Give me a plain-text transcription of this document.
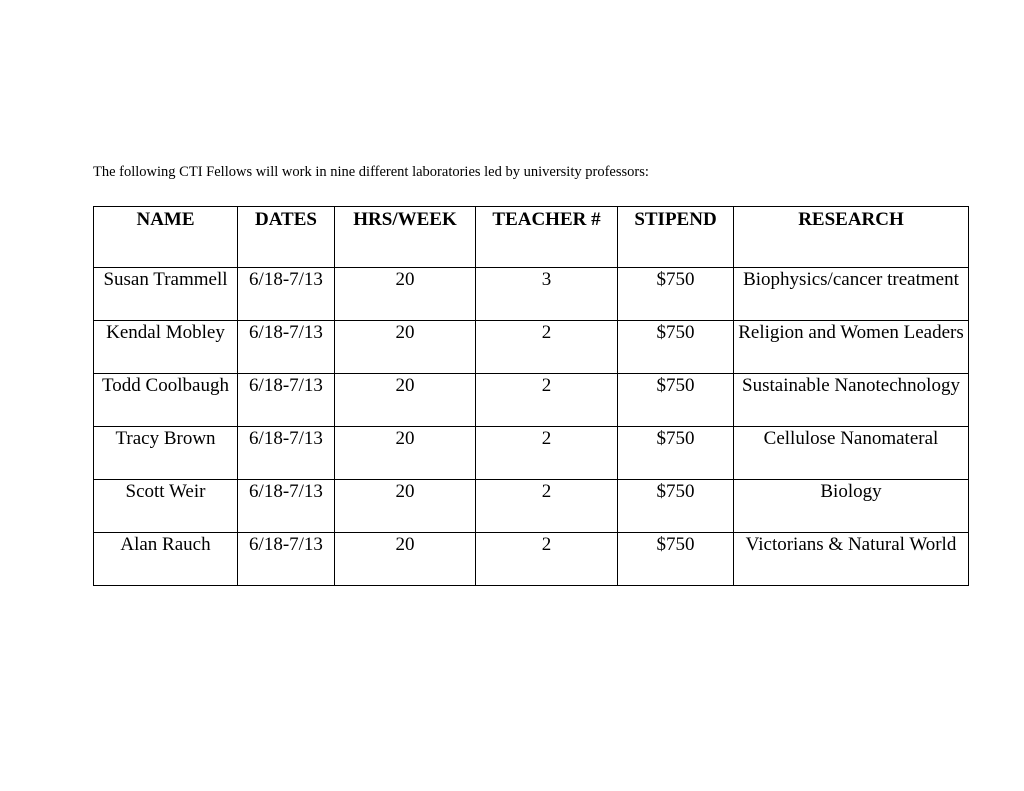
The following CTI Fellows will work in nine different laboratories led by university professors:
NAME	DATES	HRS/WEEK	TEACHER #	STIPEND	RESEARCH
Susan Trammell	6/18-7/13	20	3	$750	Biophysics/cancer treatment
Kendal Mobley	6/18-7/13	20	2	$750	Religion and Women Leaders
Todd Coolbaugh	6/18-7/13	20	2	$750	Sustainable Nanotechnology
Tracy Brown	6/18-7/13	20	2	$750	Cellulose Nanomateral
Scott Weir	6/18-7/13	20	2	$750	Biology
Alan Rauch	6/18-7/13	20	2	$750	Victorians & Natural World
